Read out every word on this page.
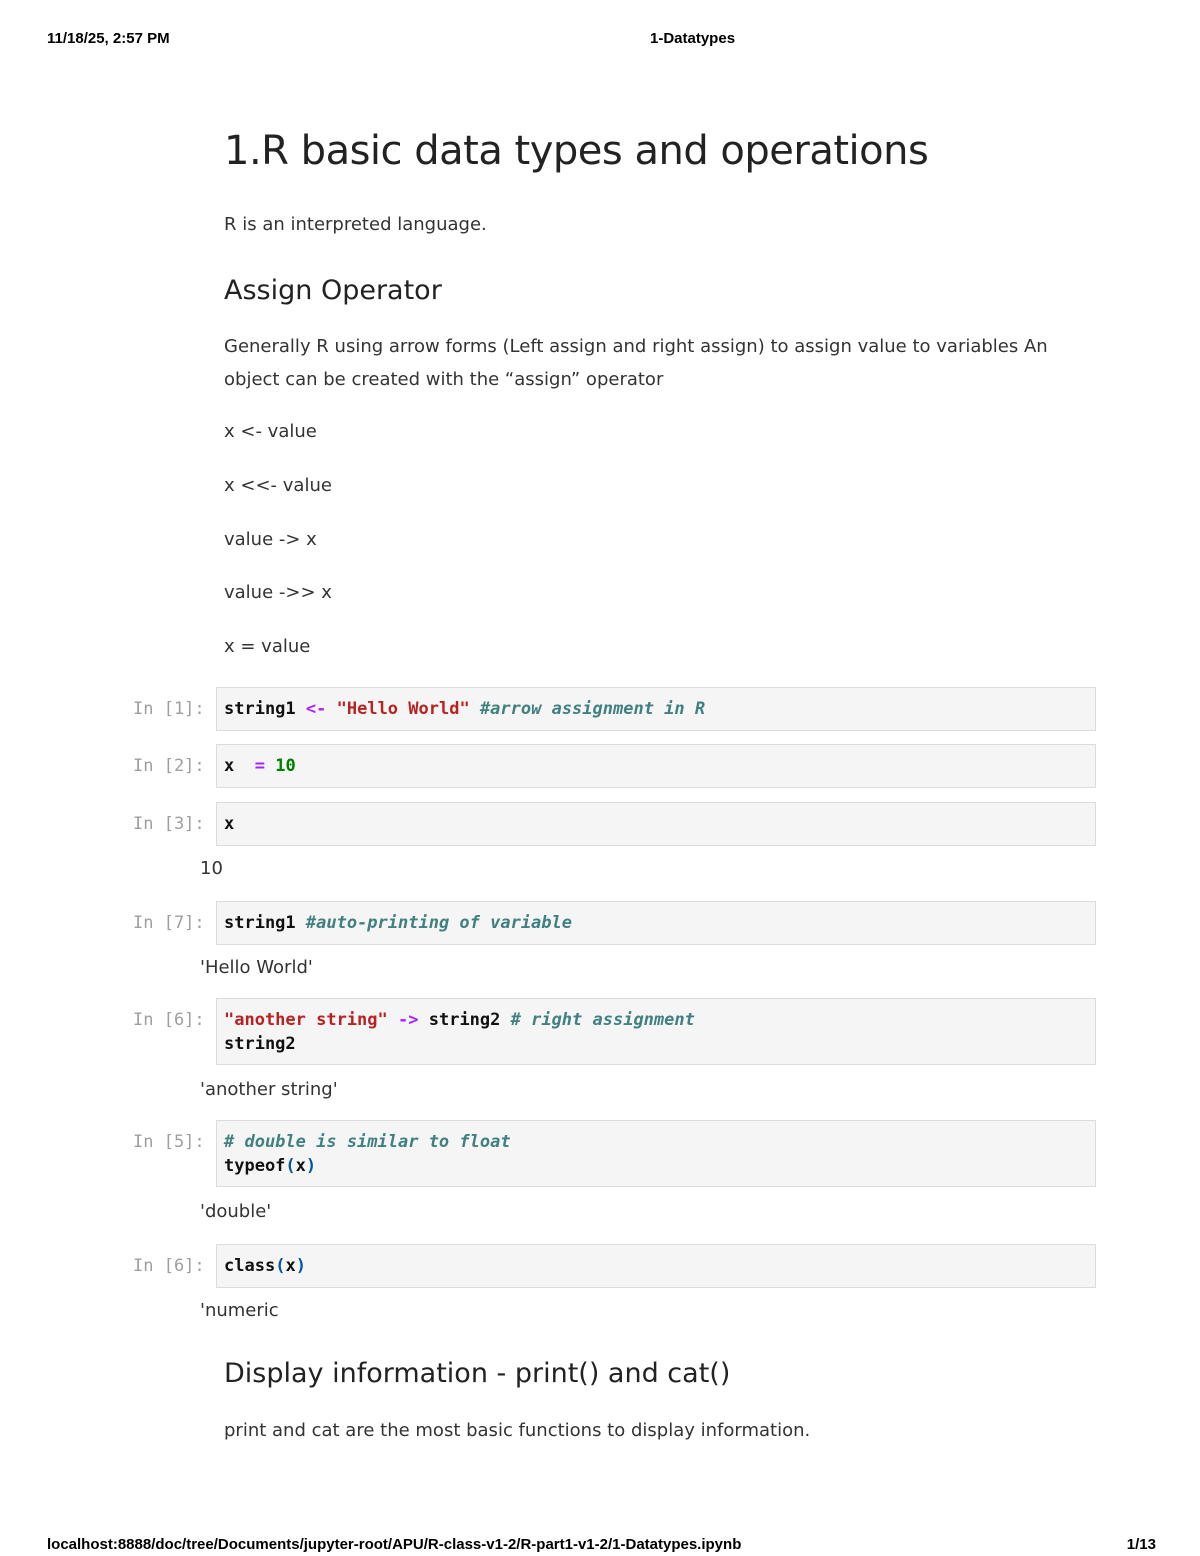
11/18/25, 2:57 PM	1-Datatypes
1.R basic data types and operations

R is an interpreted language.

Assign Operator

Generally R using arrow forms (Left assign and right assign) to assign value to variables An object can be created with the “assign” operator

x <- value

x <<- value

value -> x

value ->> x

x = value

In [1]:	string1 <- "Hello World" #arrow assignment in R
In [2]:	x  = 10
In [3]:	x
10
In [7]:	string1 #auto-printing of variable
'Hello World'
In [6]:	"another string" -> string2 # right assignment
string2
'another string'
In [5]:	# double is similar to float
typeof(x)
'double'
In [6]:	class(x)
'numeric
Display information - print() and cat()

print and cat are the most basic functions to display information.

localhost:8888/doc/tree/Documents/jupyter-root/APU/R-class-v1-2/R-part1-v1-2/1-Datatypes.ipynb	1/13
